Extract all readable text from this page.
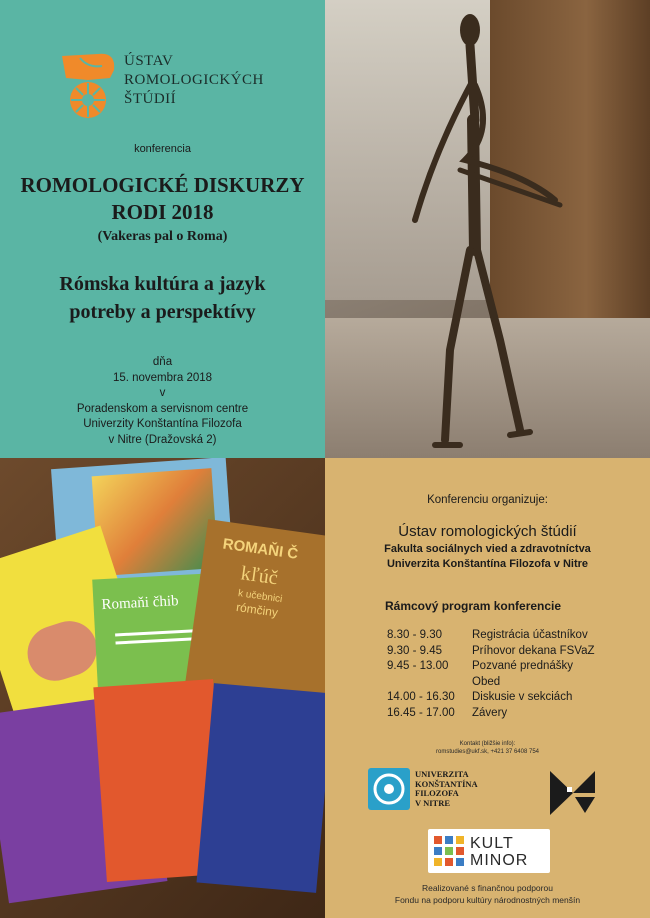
ÚSTAV
ROMOLOGICKÝCH
ŠTÚDIÍ
konferencia
ROMOLOGICKÉ DISKURZY
RODI 2018
(Vakeras pal o Roma)
Rómska kultúra a jazyk
potreby a perspektívy
dňa
15. novembra 2018
v
Poradenskom a servisnom centre
Univerzity Konštantína Filozofa
v Nitre (Dražovská 2)
Romaňi čhib
ROMAŇI Č
kľúč
k učebnici
rómčiny
Konferenciu organizuje:
Ústav romologických štúdií
Fakulta sociálnych vied a zdravotníctva
Univerzita Konštantína Filozofa v Nitre
Rámcový program konferencie
8.30 - 9.30	Registrácia účastníkov
9.30 - 9.45	Príhovor dekana FSVaZ
9.45 - 13.00	Pozvané prednášky
Obed
14.00 - 16.30	Diskusie v sekciách
16.45 - 17.00	Závery
Kontakt (bližšie info):
romstudies@ukf.sk, +421 37 6408 754
UNIVERZITA
KONŠTANTÍNA
FILOZOFA
V NITRE
KULT
MINOR
Realizované s finančnou podporou
Fondu na podporu kultúry národnostných menšín
